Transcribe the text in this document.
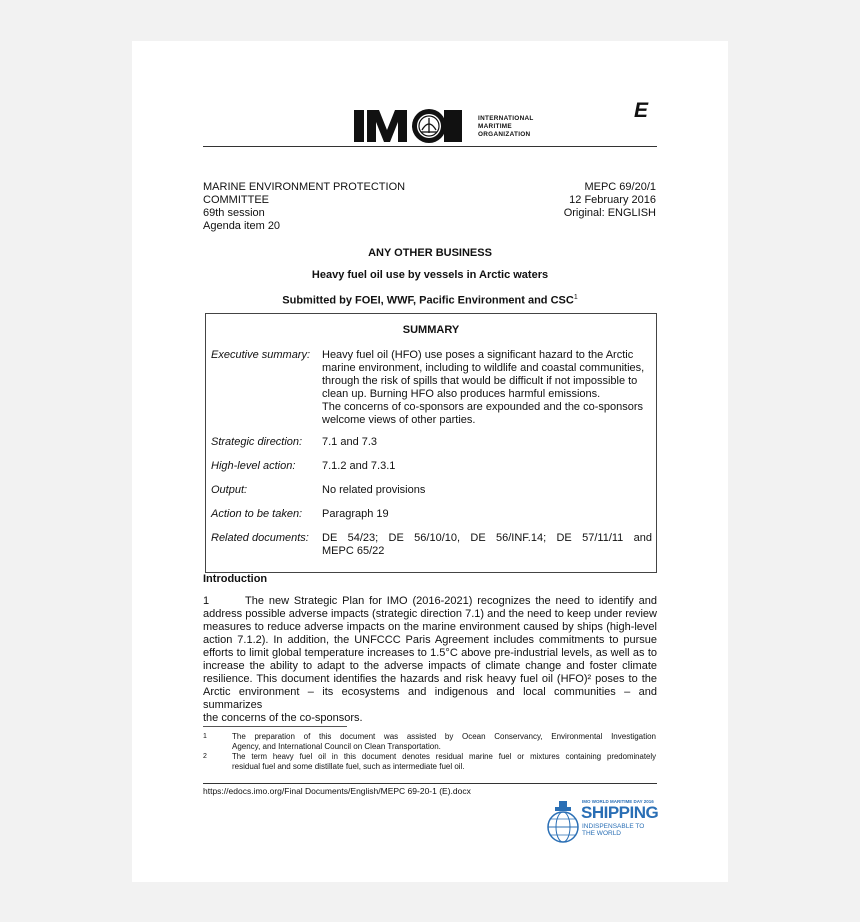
INTERNATIONAL
MARITIME
ORGANIZATION
E
MARINE ENVIRONMENT PROTECTION
COMMITTEE
69th session
Agenda item 20
MEPC 69/20/1
12 February 2016
Original: ENGLISH
ANY OTHER BUSINESS
Heavy fuel oil use by vessels in Arctic waters
Submitted by FOEI, WWF, Pacific Environment and CSC$^1$
SUMMARY
Executive summary: Heavy fuel oil (HFO) use poses a significant hazard to the Arctic
marine environment, including to wildlife and coastal communities,
through the risk of spills that would be difficult if not impossible to
clean up. Burning HFO also produces harmful emissions.
The concerns of co-sponsors are expounded and the co-sponsors
welcome views of other parties.
Strategic direction: 7.1 and 7.3
High-level action: 7.1.2 and 7.3.1
Output:	No related provisions
Action to be taken: Paragraph 19
Related documents: DE 54/23; DE 56/10/10, DE 56/INF.14; DE 57/11/11 and
MEPC 65/22
Introduction
1	The new Strategic Plan for IMO (2016-2021) recognizes the need to identify and
address possible adverse impacts (strategic direction 7.1) and the need to keep under review
measures to reduce adverse impacts on the marine environment caused by ships (high-level
action 7.1.2). In addition, the UNFCCC Paris Agreement includes commitments to pursue
efforts to limit global temperature increases to 1.5°C above pre-industrial levels, as well as to
increase the ability to adapt to the adverse impacts of climate change and foster climate
resilience. This document identifies the hazards and risk heavy fuel oil (HFO)² poses to the
Arctic environment – its ecosystems and indigenous and local communities – and summarizes
the concerns of the co-sponsors.
1	The preparation of this document was assisted by Ocean Conservancy, Environmental Investigation
Agency, and International Council on Clean Transportation.
2	The term heavy fuel oil in this document denotes residual marine fuel or mixtures containing predominately
residual fuel and some distillate fuel, such as intermediate fuel oil.
https://edocs.imo.org/Final Documents/English/MEPC 69-20-1 (E).docx
IMO WORLD MARITIME DAY 2016
SHIPPING
INDISPENSABLE TO
THE WORLD
